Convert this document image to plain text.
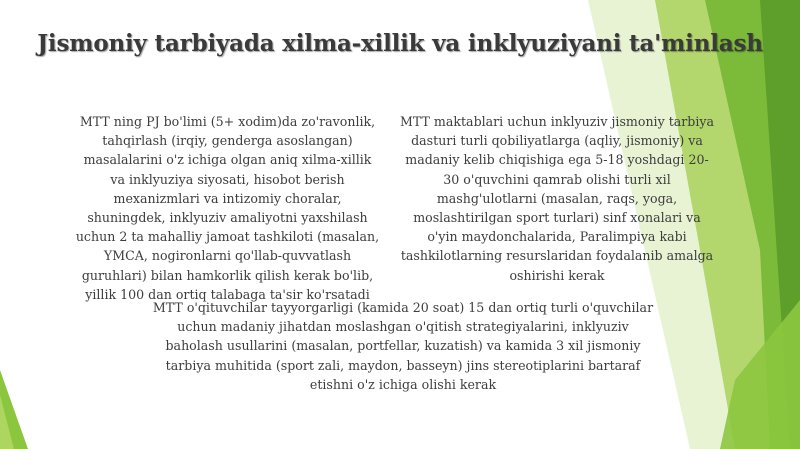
Jismoniy tarbiyada xilma-xillik va inklyuziyani ta'minlash
MTT ning PJ bo'limi (5+ xodim)da zo'ravonlik, tahqirlash (irqiy, genderga asoslangan) masalalarini o'z ichiga olgan aniq xilma-xillik va inklyuziya siyosati, hisobot berish mexanizmlari va intizomiy choralar, shuningdek, inklyuziv amaliyotni yaxshilash uchun 2 ta mahalliy jamoat tashkiloti (masalan, YMCA, nogironlarni qo'llab-quvvatlash guruhlari) bilan hamkorlik qilish kerak bo'lib, yillik 100 dan ortiq talabaga ta'sir ko'rsatadi
MTT maktablari uchun inklyuziv jismoniy tarbiya dasturi turli qobiliyatlarga (aqliy, jismoniy) va madaniy kelib chiqishiga ega 5-18 yoshdagi 20-30 o'quvchini qamrab olishi turli xil mashg'ulotlarni (masalan, raqs, yoga, moslashtirilgan sport turlari) sinf xonalari va o'yin maydonchalarida, Paralimpiya kabi tashkilotlarning resurslaridan foydalanib amalga oshirishi kerak
MTT o'qituvchilar tayyorgarligi (kamida 20 soat) 15 dan ortiq turli o'quvchilar uchun madaniy jihatdan moslashgan o'qitish strategiyalarini, inklyuziv baholash usullarini (masalan, portfellar, kuzatish) va kamida 3 xil jismoniy tarbiya muhitida (sport zali, maydon, basseyn) jins stereotiplarini bartaraf etishni o'z ichiga olishi kerak
